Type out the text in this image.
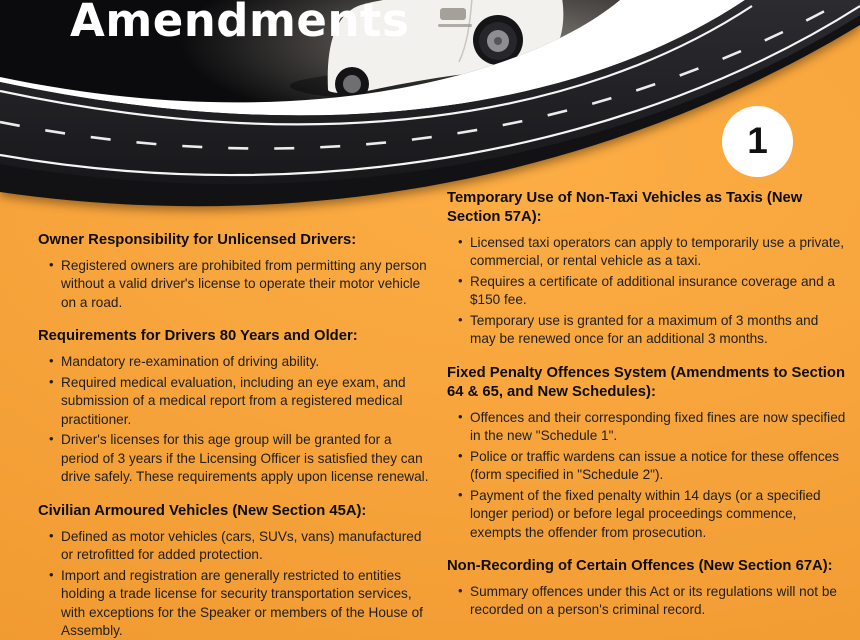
Amendments
1
Owner Responsibility for Unlicensed Drivers:
• Registered owners are prohibited from permitting any person without a valid driver's license to operate their motor vehicle on a road.
Requirements for Drivers 80 Years and Older:
• Mandatory re-examination of driving ability.
• Required medical evaluation, including an eye exam, and submission of a medical report from a registered medical practitioner.
• Driver's licenses for this age group will be granted for a period of 3 years if the Licensing Officer is satisfied they can drive safely. These requirements apply upon license renewal.
Civilian Armoured Vehicles (New Section 45A):
• Defined as motor vehicles (cars, SUVs, vans) manufactured or retrofitted for added protection.
• Import and registration are generally restricted to entities holding a trade license for security transportation services, with exceptions for the Speaker or members of the House of Assembly.
Temporary Use of Non-Taxi Vehicles as Taxis (New Section 57A):
• Licensed taxi operators can apply to temporarily use a private, commercial, or rental vehicle as a taxi.
• Requires a certificate of additional insurance coverage and a $150 fee.
• Temporary use is granted for a maximum of 3 months and may be renewed once for an additional 3 months.
Fixed Penalty Offences System (Amendments to Section 64 & 65, and New Schedules):
• Offences and their corresponding fixed fines are now specified in the new "Schedule 1".
• Police or traffic wardens can issue a notice for these offences (form specified in "Schedule 2").
• Payment of the fixed penalty within 14 days (or a specified longer period) or before legal proceedings commence, exempts the offender from prosecution.
Non-Recording of Certain Offences (New Section 67A):
• Summary offences under this Act or its regulations will not be recorded on a person's criminal record.
